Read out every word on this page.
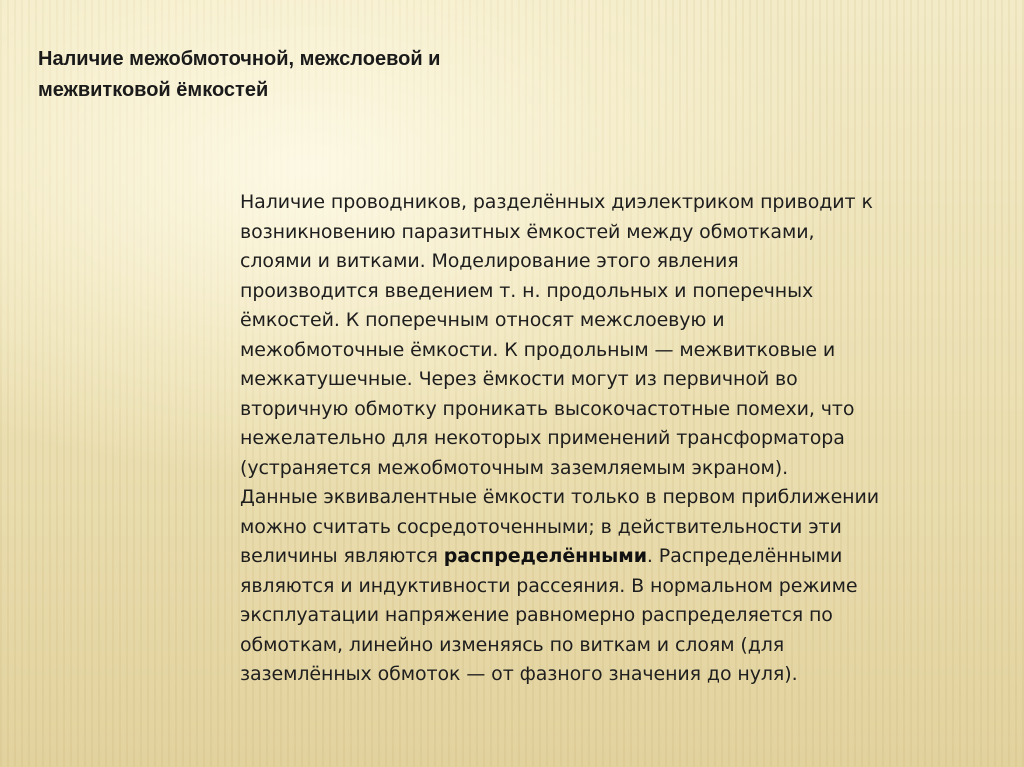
Наличие межобмоточной, межслоевой и
межвитковой ёмкостей
Наличие проводников, разделённых диэлектриком приводит к
возникновению паразитных ёмкостей между обмотками,
слоями и витками. Моделирование этого явления
производится введением т. н. продольных и поперечных
ёмкостей. К поперечным относят межслоевую и
межобмоточные ёмкости. К продольным — межвитковые и
межкатушечные. Через ёмкости могут из первичной во
вторичную обмотку проникать высокочастотные помехи, что
нежелательно для некоторых применений трансформатора
(устраняется межобмоточным заземляемым экраном).
Данные эквивалентные ёмкости только в первом приближении
можно считать сосредоточенными; в действительности эти
величины являются распределёнными. Распределёнными
являются и индуктивности рассеяния. В нормальном режиме
эксплуатации напряжение равномерно распределяется по
обмоткам, линейно изменяясь по виткам и слоям (для
заземлённых обмоток — от фазного значения до нуля).
